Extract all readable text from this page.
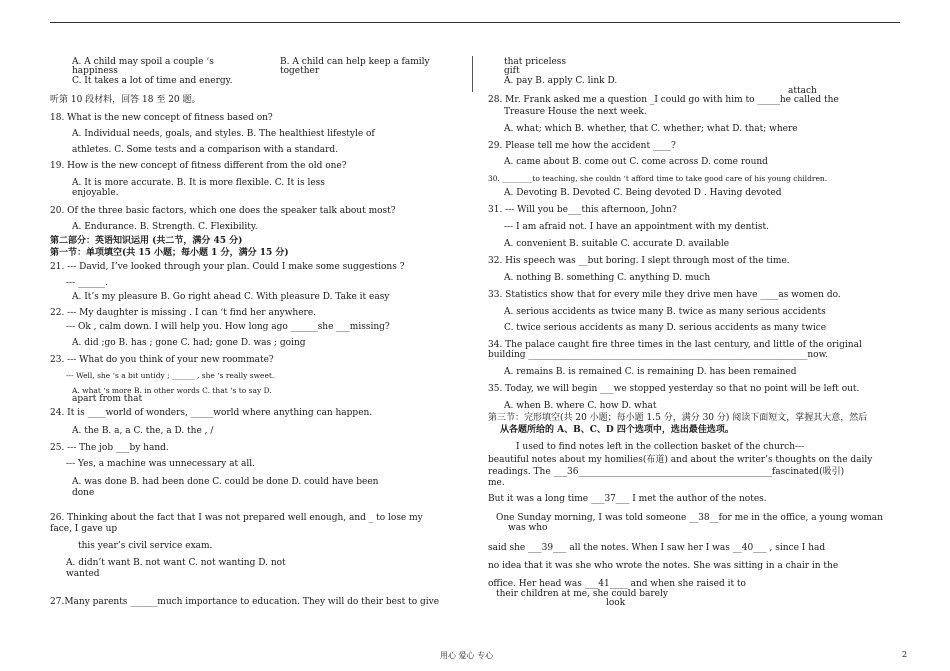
A. A child may spoil a couple ‘s
happiness
B. A child can help keep a family
together
C. It takes a lot of time and energy.
听第 10 段材料，回答 18 至 20 题。
18. What is the new concept of fitness based on?
A. Individual needs, goals, and styles. B. The healthiest lifestyle of
athletes. C. Some tests and a comparison with a standard.
19. How is the new concept of fitness different from the old one?
A. It is more accurate. B. It is more flexible. C. It is less
enjoyable.
20. Of the three basic factors, which one does the speaker talk about most?
A. Endurance. B. Strength. C. Flexibility.
第二部分：英语知识运用 (共二节，满分 45 分)
第一节：单项填空(共 15 小题；每小题 1 分，满分 15 分)
21. --- David, I’ve looked through your plan. Could I make some suggestions ?
--- ______.
A. It’s my pleasure B. Go right ahead C. With pleasure D. Take it easy
22. --- My daughter is missing . I can ‘t find her anywhere.
--- Ok , calm down. I will help you. How long ago ______she ___missing?
A. did ;go B. has ; gone C. had; gone D. was ; going
23. --- What do you think of your new roommate?
--- Well, she ‘s a bit untidy ; ______ , she ‘s really sweet.
A. what ‘s more B. in other words C. that ‘s to say D.
apart from that
24. It is ____world of wonders, _____world where anything can happen.
A. the B. a, a C. the, a D. the , /
25. --- The job ___by hand.
--- Yes, a machine was unnecessary at all.
A. was done B. had been done C. could be done D. could have been
done
26. Thinking about the fact that I was not prepared well enough, and _ to lose my
face, I gave up
this year’s civil service exam.
A. didn’t want B. not want C. not wanting D. not
wanted
27.Many parents ______much importance to education. They will do their best to give
that priceless
gift
A. pay B. apply C. link D.
attach
28. Mr. Frank asked me a question _I could go with him to _____he called the
Treasure House the next week.
A. what; which B. whether, that C. whether; what D. that; where
29. Please tell me how the accident ____?
A. came about B. come out C. come across D. come round
30. ________to teaching, she couldn ‘t afford time to take good care of his young children.
A. Devoting B. Devoted C. Being devoted D . Having devoted
31. --- Will you be___this afternoon, John?
--- I am afraid not. I have an appointment with my dentist.
A. convenient B. suitable C. accurate D. available
32. His speech was __but boring. I slept through most of the time.
A. nothing B. something C. anything D. much
33. Statistics show that for every mile they drive men have ____as women do.
A. serious accidents as twice many B. twice as many serious accidents
C. twice serious accidents as many D. serious accidents as many twice
34. The palace caught fire three times in the last century, and little of the original
building ______________________________________________________________now.
A. remains B. is remained C. is remaining D. has been remained
35. Today, we will begin ___we stopped yesterday so that no point will be left out.
A. when B. where C. how D. what
第三节：完形填空(共 20 小题；每小题 1.5 分，满分 30 分) 阅读下面短文，掌握其大意，然后
从各题所给的 A、B、C、D 四个选项中，选出最佳选项。
I used to find notes left in the collection basket of the church---
beautiful notes about my homilies(布道) and about the writer’s thoughts on the daily
readings. The ___36___________________________________________fascinated(吸引)
me.
But it was a long time ___37___ I met the author of the notes.
One Sunday morning, I was told someone __38__for me in the office, a young woman
was who
said she ___39___ all the notes. When I saw her I was __40___ , since I had
no idea that it was she who wrote the notes. She was sitting in a chair in the
office. Her head was ___41____ and when she raised it to
their children at me, she could barely
look
用心 爱心 专心	2
